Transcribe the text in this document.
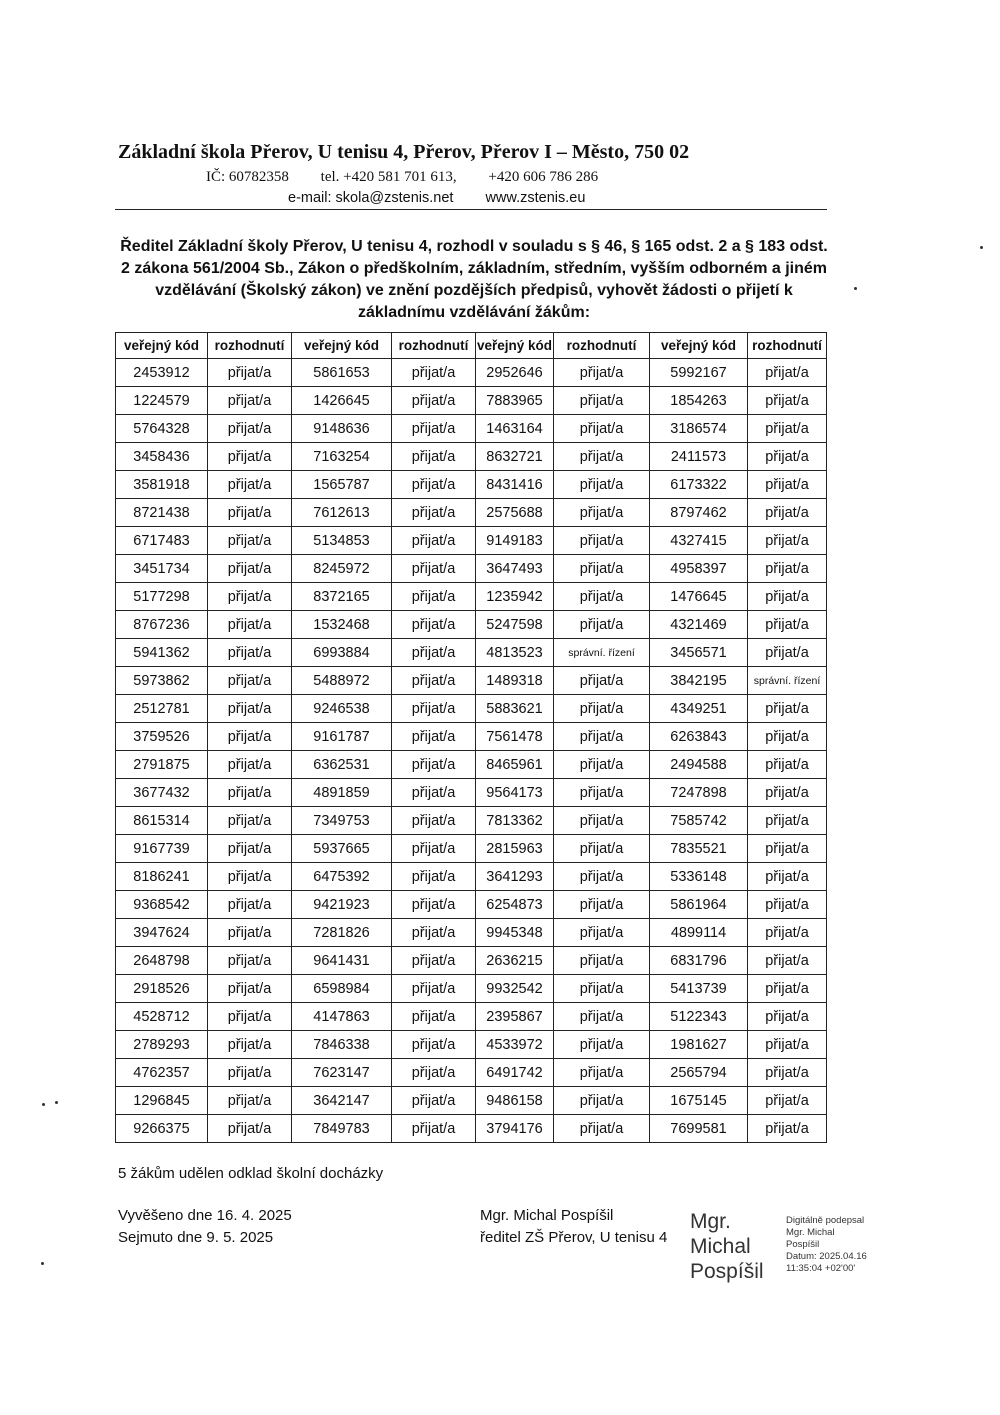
Základní škola Přerov, U tenisu 4, Přerov, Přerov I – Město, 750 02
IČ: 60782358 tel. +420 581 701 613, +420 606 786 286
e-mail: skola@zstenis.net www.zstenis.eu
Ředitel Základní školy Přerov, U tenisu 4, rozhodl v souladu s § 46, § 165 odst. 2 a § 183 odst. 2 zákona 561/2004 Sb., Zákon o předškolním, základním, středním, vyšším odborném a jiném vzdělávání (Školský zákon) ve znění pozdějších předpisů, vyhovět žádosti o přijetí k základnímu vzdělávání žákům:
veřejný kód	rozhodnutí	veřejný kód	rozhodnutí	veřejný kód	rozhodnutí	veřejný kód	rozhodnutí
2453912	přijat/a	5861653	přijat/a	2952646	přijat/a	5992167	přijat/a
1224579	přijat/a	1426645	přijat/a	7883965	přijat/a	1854263	přijat/a
5764328	přijat/a	9148636	přijat/a	1463164	přijat/a	3186574	přijat/a
3458436	přijat/a	7163254	přijat/a	8632721	přijat/a	2411573	přijat/a
3581918	přijat/a	1565787	přijat/a	8431416	přijat/a	6173322	přijat/a
8721438	přijat/a	7612613	přijat/a	2575688	přijat/a	8797462	přijat/a
6717483	přijat/a	5134853	přijat/a	9149183	přijat/a	4327415	přijat/a
3451734	přijat/a	8245972	přijat/a	3647493	přijat/a	4958397	přijat/a
5177298	přijat/a	8372165	přijat/a	1235942	přijat/a	1476645	přijat/a
8767236	přijat/a	1532468	přijat/a	5247598	přijat/a	4321469	přijat/a
5941362	přijat/a	6993884	přijat/a	4813523	správní. řízení	3456571	přijat/a
5973862	přijat/a	5488972	přijat/a	1489318	přijat/a	3842195	správní. řízení
2512781	přijat/a	9246538	přijat/a	5883621	přijat/a	4349251	přijat/a
3759526	přijat/a	9161787	přijat/a	7561478	přijat/a	6263843	přijat/a
2791875	přijat/a	6362531	přijat/a	8465961	přijat/a	2494588	přijat/a
3677432	přijat/a	4891859	přijat/a	9564173	přijat/a	7247898	přijat/a
8615314	přijat/a	7349753	přijat/a	7813362	přijat/a	7585742	přijat/a
9167739	přijat/a	5937665	přijat/a	2815963	přijat/a	7835521	přijat/a
8186241	přijat/a	6475392	přijat/a	3641293	přijat/a	5336148	přijat/a
9368542	přijat/a	9421923	přijat/a	6254873	přijat/a	5861964	přijat/a
3947624	přijat/a	7281826	přijat/a	9945348	přijat/a	4899114	přijat/a
2648798	přijat/a	9641431	přijat/a	2636215	přijat/a	6831796	přijat/a
2918526	přijat/a	6598984	přijat/a	9932542	přijat/a	5413739	přijat/a
4528712	přijat/a	4147863	přijat/a	2395867	přijat/a	5122343	přijat/a
2789293	přijat/a	7846338	přijat/a	4533972	přijat/a	1981627	přijat/a
4762357	přijat/a	7623147	přijat/a	6491742	přijat/a	2565794	přijat/a
1296845	přijat/a	3642147	přijat/a	9486158	přijat/a	1675145	přijat/a
9266375	přijat/a	7849783	přijat/a	3794176	přijat/a	7699581	přijat/a
5 žákům udělen odklad školní docházky
Vyvěšeno dne 16. 4. 2025
Sejmuto dne 9. 5. 2025
Mgr. Michal Pospíšil
ředitel ZŠ Přerov, U tenisu 4
Mgr.
Michal
Pospíšil
Digitálně podepsal
Mgr. Michal
Pospíšil
Datum: 2025.04.16
11:35:04 +02'00'
